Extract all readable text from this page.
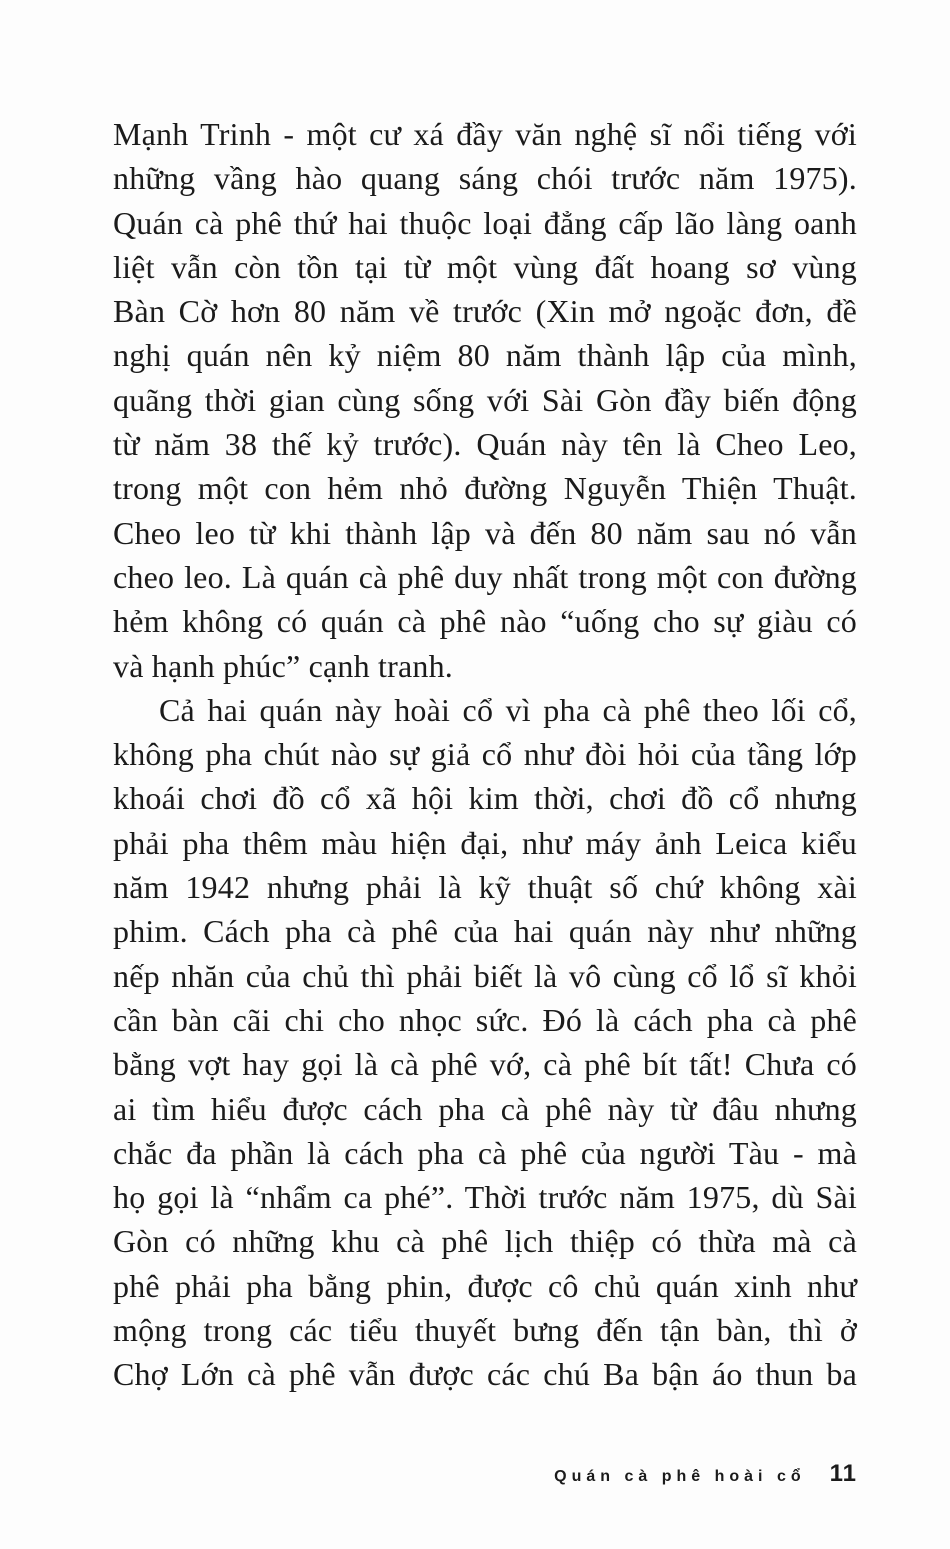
Mạnh Trinh - một cư xá đầy văn nghệ sĩ nổi tiếng với
những vầng hào quang sáng chói trước năm 1975).
Quán cà phê thứ hai thuộc loại đẳng cấp lão làng oanh
liệt vẫn còn tồn tại từ một vùng đất hoang sơ vùng
Bàn Cờ hơn 80 năm về trước (Xin mở ngoặc đơn, đề
nghị quán nên kỷ niệm 80 năm thành lập của mình,
quãng thời gian cùng sống với Sài Gòn đầy biến động
từ năm 38 thế kỷ trước). Quán này tên là Cheo Leo,
trong một con hẻm nhỏ đường Nguyễn Thiện Thuật.
Cheo leo từ khi thành lập và đến 80 năm sau nó vẫn
cheo leo. Là quán cà phê duy nhất trong một con đường
hẻm không có quán cà phê nào “uống cho sự giàu có
và hạnh phúc” cạnh tranh.

Cả hai quán này hoài cổ vì pha cà phê theo lối cổ,
không pha chút nào sự giả cổ như đòi hỏi của tầng lớp
khoái chơi đồ cổ xã hội kim thời, chơi đồ cổ nhưng
phải pha thêm màu hiện đại, như máy ảnh Leica kiểu
năm 1942 nhưng phải là kỹ thuật số chứ không xài
phim. Cách pha cà phê của hai quán này như những
nếp nhăn của chủ thì phải biết là vô cùng cổ lổ sĩ khỏi
cần bàn cãi chi cho nhọc sức. Đó là cách pha cà phê
bằng vợt hay gọi là cà phê vớ, cà phê bít tất! Chưa có
ai tìm hiểu được cách pha cà phê này từ đâu nhưng
chắc đa phần là cách pha cà phê của người Tàu - mà
họ gọi là “nhẩm ca phé”. Thời trước năm 1975, dù Sài
Gòn có những khu cà phê lịch thiệp có thừa mà cà
phê phải pha bằng phin, được cô chủ quán xinh như
mộng trong các tiểu thuyết bưng đến tận bàn, thì ở
Chợ Lớn cà phê vẫn được các chú Ba bận áo thun ba

Quán cà phê hoài cổ 11
